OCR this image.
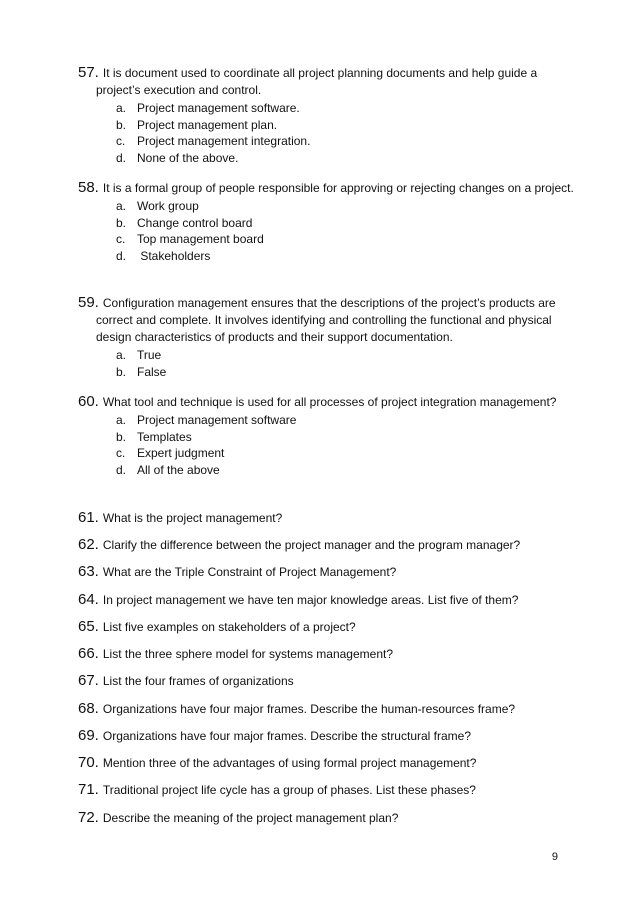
57. It is document used to coordinate all project planning documents and help guide a project’s execution and control.
a. Project management software.
b. Project management plan.
c. Project management integration.
d. None of the above.
58. It is a formal group of people responsible for approving or rejecting changes on a project.
a. Work group
b. Change control board
c. Top management board
d. Stakeholders
59. Configuration management ensures that the descriptions of the project’s products are correct and complete. It involves identifying and controlling the functional and physical design characteristics of products and their support documentation.
a. True
b. False
60. What tool and technique is used for all processes of project integration management?
a. Project management software
b. Templates
c. Expert judgment
d. All of the above
61. What is the project management?
62. Clarify the difference between the project manager and the program manager?
63. What are the Triple Constraint of Project Management?
64. In project management we have ten major knowledge areas. List five of them?
65. List five examples on stakeholders of a project?
66. List the three sphere model for systems management?
67. List the four frames of organizations
68. Organizations have four major frames. Describe the human-resources frame?
69. Organizations have four major frames. Describe the structural frame?
70. Mention three of the advantages of using formal project management?
71. Traditional project life cycle has a group of phases. List these phases?
72. Describe the meaning of the project management plan?
9
